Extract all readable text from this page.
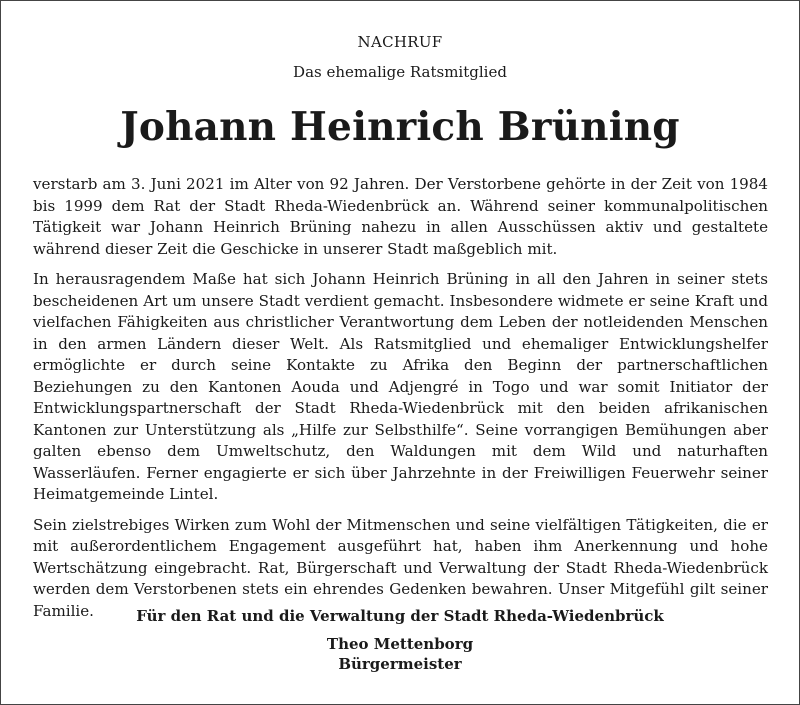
NACHRUF
Das ehemalige Ratsmitglied
Johann Heinrich Brüning

verstarb am 3. Juni 2021 im Alter von 92 Jahren. Der Verstorbene gehörte in der Zeit von 1984 bis 1999 dem Rat der Stadt Rheda-Wiedenbrück an. Während seiner kommunalpolitischen Tätigkeit war Johann Heinrich Brüning nahezu in allen Ausschüssen aktiv und gestaltete während dieser Zeit die Geschicke in unserer Stadt maßgeblich mit.

In herausragendem Maße hat sich Johann Heinrich Brüning in all den Jahren in seiner stets bescheidenen Art um unsere Stadt verdient gemacht. Insbesondere widmete er seine Kraft und vielfachen Fähigkeiten aus christlicher Verantwortung dem Leben der notleidenden Menschen in den armen Ländern dieser Welt. Als Ratsmitglied und ehemaliger Entwicklungshelfer ermöglichte er durch seine Kontakte zu Afrika den Beginn der partnerschaftlichen Beziehungen zu den Kantonen Aouda und Adjengré in Togo und war somit Initiator der Entwicklungspartnerschaft der Stadt Rheda-Wiedenbrück mit den beiden afrikanischen Kantonen zur Unterstützung als „Hilfe zur Selbsthilfe“. Seine vorrangigen Bemühungen aber galten ebenso dem Umweltschutz, den Waldungen mit dem Wild und naturhaften Wasserläufen. Ferner engagierte er sich über Jahrzehnte in der Freiwilligen Feuerwehr seiner Heimatgemeinde Lintel.

Sein zielstrebiges Wirken zum Wohl der Mitmenschen und seine vielfältigen Tätigkeiten, die er mit außerordentlichem Engagement ausgeführt hat, haben ihm Anerkennung und hohe Wertschätzung eingebracht. Rat, Bürgerschaft und Verwaltung der Stadt Rheda-Wiedenbrück werden dem Verstorbenen stets ein ehrendes Gedenken bewahren. Unser Mitgefühl gilt seiner Familie.	Für den Rat und die Verwaltung der Stadt Rheda-Wiedenbrück
Theo Mettenborg
Bürgermeister
